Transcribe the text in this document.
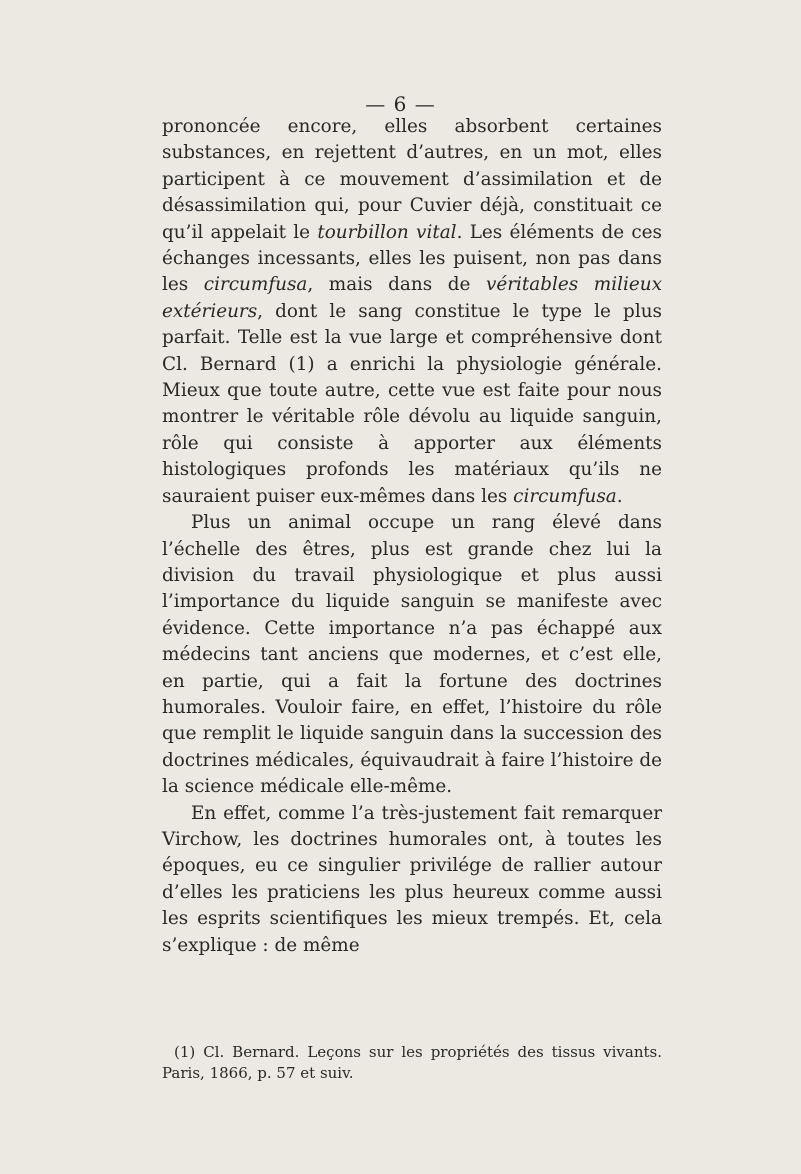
— 6 —

prononcée encore, elles absorbent certaines substances, en rejettent d’autres, en un mot, elles participent à ce mouvement d’assimilation et de désassimilation qui, pour Cuvier déjà, constituait ce qu’il appelait le tourbillon vital. Les éléments de ces échanges incessants, elles les puisent, non pas dans les circumfusa, mais dans de véritables milieux extérieurs, dont le sang constitue le type le plus parfait. Telle est la vue large et compréhensive dont Cl. Bernard (1) a enrichi la physiologie générale. Mieux que toute autre, cette vue est faite pour nous montrer le véritable rôle dévolu au liquide sanguin, rôle qui consiste à apporter aux éléments histologiques profonds les matériaux qu’ils ne sauraient puiser eux-mêmes dans les circumfusa.

Plus un animal occupe un rang élevé dans l’échelle des êtres, plus est grande chez lui la division du travail physiologique et plus aussi l’importance du liquide sanguin se manifeste avec évidence. Cette importance n’a pas échappé aux médecins tant anciens que modernes, et c’est elle, en partie, qui a fait la fortune des doctrines humorales. Vouloir faire, en effet, l’histoire du rôle que remplit le liquide sanguin dans la succession des doctrines médicales, équivaudrait à faire l’histoire de la science médicale elle-même.

En effet, comme l’a très-justement fait remarquer Virchow, les doctrines humorales ont, à toutes les époques, eu ce singulier privilége de rallier autour d’elles les praticiens les plus heureux comme aussi les esprits scientifiques les mieux trempés. Et, cela s’explique : de même

(1) Cl. Bernard. Leçons sur les propriétés des tissus vivants. Paris, 1866, p. 57 et suiv.
